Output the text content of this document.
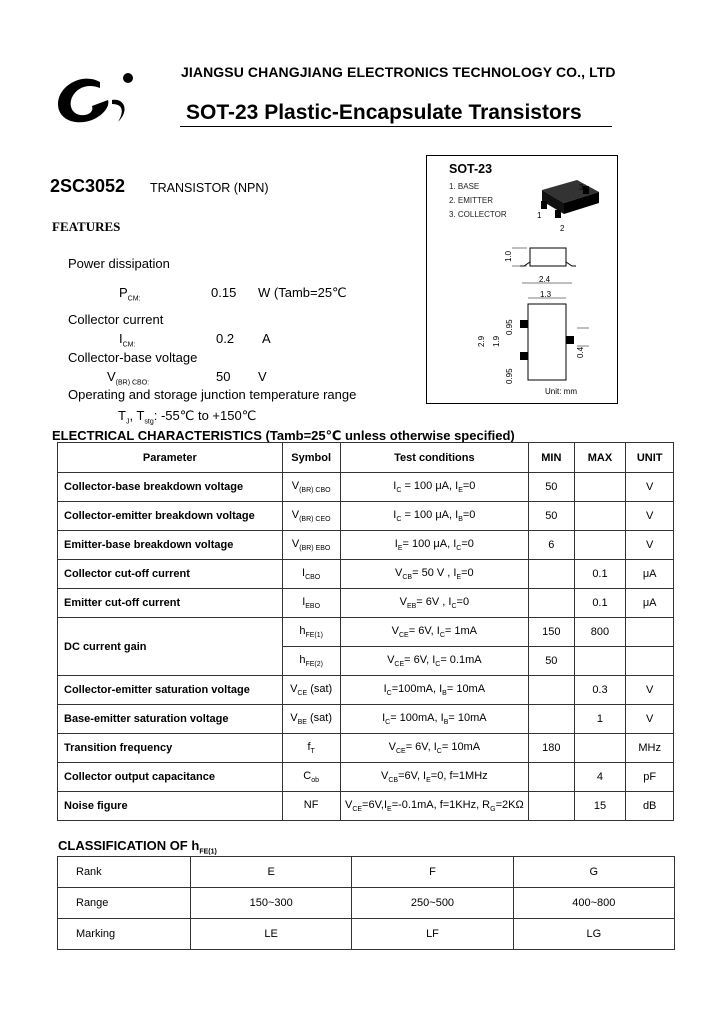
JIANGSU CHANGJIANG ELECTRONICS TECHNOLOGY CO., LTD
SOT-23 Plastic-Encapsulate Transistors
2SC3052 TRANSISTOR (NPN)
FEATURES
Power dissipation
$P_{CM:}$	0.15 W (Tamb=25℃
Collector current
$I_{CM:}$	0.2 A
Collector-base voltage
$V_{(BR) CBO:}$	50 V
Operating and storage junction temperature range
$T_J$, $T_{stg}$: -55℃ to +150℃
SOT-23
1. BASE
2. EMITTER
3. COLLECTOR
3
1
2
1.0
2.4
1.3
2.9 1.9
0.95
0.95
0.4
Unit: mm
ELECTRICAL CHARACTERISTICS (Tamb=25℃ unless otherwise specified)
Parameter	Symbol	Test conditions	MIN	MAX	UNIT
Collector-base breakdown voltage	$V_{(BR) CBO}$	$I_C = 100$ μA, $I_E=0$	50		V
Collector-emitter breakdown voltage	$V_{(BR) CEO}$	$I_C = 100$ μA, $I_B=0$	50		V
Emitter-base breakdown voltage	$V_{(BR) EBO}$	$I_E= 100$ μA, $I_C=0$	6		V
Collector cut-off current	$I_{CBO}$	$V_{CB}= 50$ V , $I_E=0$		0.1	μA
Emitter cut-off current	$I_{EBO}$	$V_{EB}= 6V$ , $I_C=0$		0.1	μA
DC current gain	$h_{FE(1)}$	$V_{CE}= 6V$, $I_C= 1mA$	150	800	
	$h_{FE(2)}$	$V_{CE}= 6V$, $I_C= 0.1mA$	50		
Collector-emitter saturation voltage	$V_{CE}$ (sat)	$I_C=100mA$, $I_B= 10mA$		0.3	V
Base-emitter saturation voltage	$V_{BE}$ (sat)	$I_C= 100mA$, $I_B= 10mA$		1	V
Transition frequency	$f_T$	$V_{CE}= 6V$, $I_C= 10mA$	180		MHz
Collector output capacitance	$C_{ob}$	$V_{CB}=6V$, $I_E=0$, f=1MHz		4	pF
Noise figure	NF	$V_{CE}=6V,I_E=-0.1mA$, f=1KHz, $R_G=2K\Omega$		15	dB
CLASSIFICATION OF $h_{FE(1)}$
Rank	E	F	G
Range	150~300	250~500	400~800
Marking	LE	LF	LG
